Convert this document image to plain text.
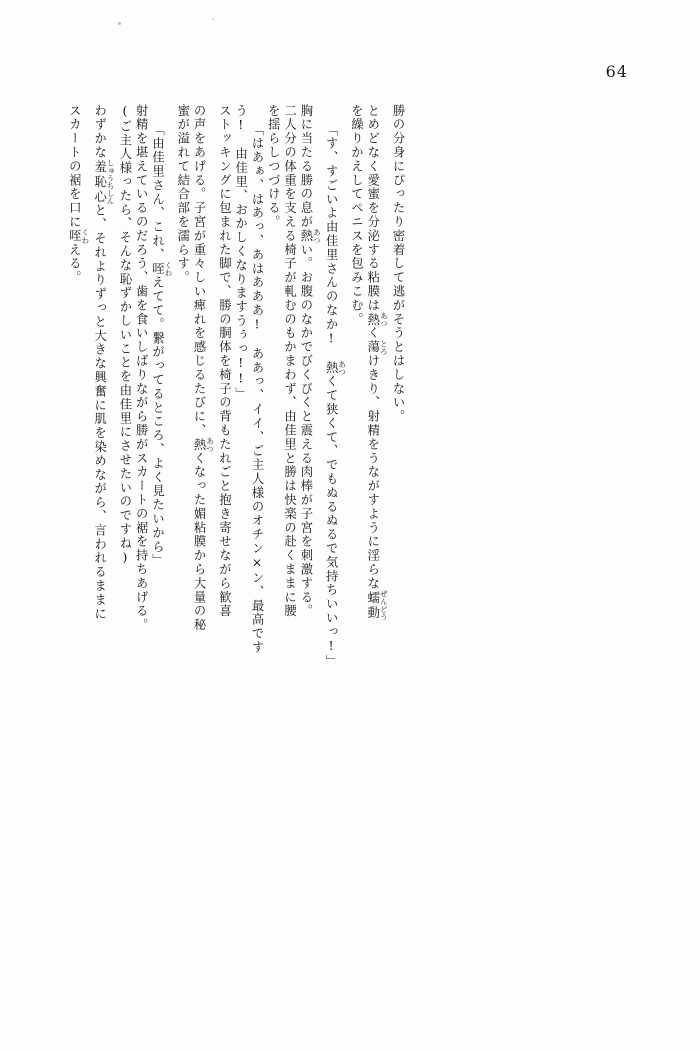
64
スカートの裾を口に咥 くわえる。
わずかな羞恥心 しゅうちしんと、それよりずっと大きな興奮に肌を染めながら、言われるままに (ご主人様ったら、そんな恥ずかしいことを由佳里にさせたいのですね) 射精を堪えているのだろう、歯を食いしばりながら勝がスカートの裾を持ちあげる。 「由佳里さん、これ、咥 くわえてて。繋がってるところ、よく見たいから」
蜜が溢れて結合部を濡らす。 の声をあげる。子宮が重々しい痺れを感じるたびに、熱 あつくなった媚粘膜から大量の秘 ストッキングに包まれた脚で、勝の胴体を椅子の背もたれごと抱き寄せながら歓喜 う!　由佳里、おかしくなりますうぅっ!!」 「はあぁ、はあっ、あはあああ!　ああっ、イイ、ご主人様のオチン×ン、最高です を揺らしつづける。 二人分の体重を支える椅子が軋むのもかまわず、由佳里と勝は快楽の赴くままに腰 胸に当たる勝の息が熱 あつい。お腹のなかでびくびくと震える肉棒が子宮を刺激する。
「す、すごいよ由佳里さんのなか!　熱 あつくて狭くて、でもぬるぬるで気持ちいいっ!」
を繰りかえしてペニスを包みこむ。 とめどなく愛蜜を分泌する粘膜は熱 あつく蕩 とろけきり、射精をうながすように淫らな蠕動 ぜんどう
勝の分身にぴったり密着して逃がそうとはしない。
